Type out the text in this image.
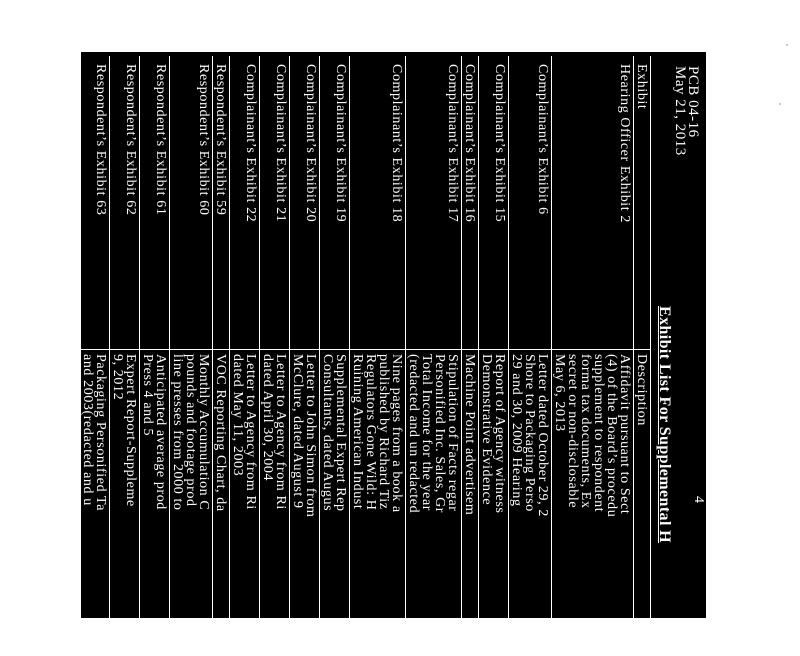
4
PCB 04-16
May 21, 2013
Exhibit List For Supplemental H
Exhibit
Description
Hearing Officer Exhibit 2
Affidavit pursuant to Sect
(4) of the Board’s procedu
supplement to respondent
forma tax documents, Ex
secret or non-disclosable
May 6, 2013
Complainant’s Exhibit 6
Letter dated October 29, 2
Shore to Packaging Perso
29 and 30, 2009 Hearing
Complainant’s Exhibit 15
Report of Agency witness
Demonstrative Evidence
Complainant’s Exhibit 16
Machine Point advertisem
Complainant’s Exhibit 17
Stipulation of Facts regar
Personified Inc. Sales, Gr
Total Income for the year
(redacted and un redacted
Complainant’s Exhibit 18
Nine pages from a book a
published by Richard Tiz
Regulators Gone Wild: H
Ruining American Indust
Complainant’s Exhibit 19
Supplemental Expert Rep
Consultants, dated Augus
Complainant’s Exhibit 20
Letter to John Simon from
McClure, dated August 9
Complainant’s Exhibit 21
Letter to Agency from Ri
dated April 30, 2004
Complainant’s Exhibit 22
Letter to Agency from Ri
dated May 11, 2003
Respondent’s Exhibit 59
VOC Reporting Chart, da
Respondent’s Exhibit 60
Monthly Accumulation C
pounds and footage prod
line presses from 2000 to
Respondent’s Exhibit 61
Anticipated average prod
Press 4 and 5
Respondent’s Exhibit 62
Expert Report-Suppleme
9, 2012
Respondent’s Exhibit 63
Packaging Personified Ta
and 2003(redacted and u
